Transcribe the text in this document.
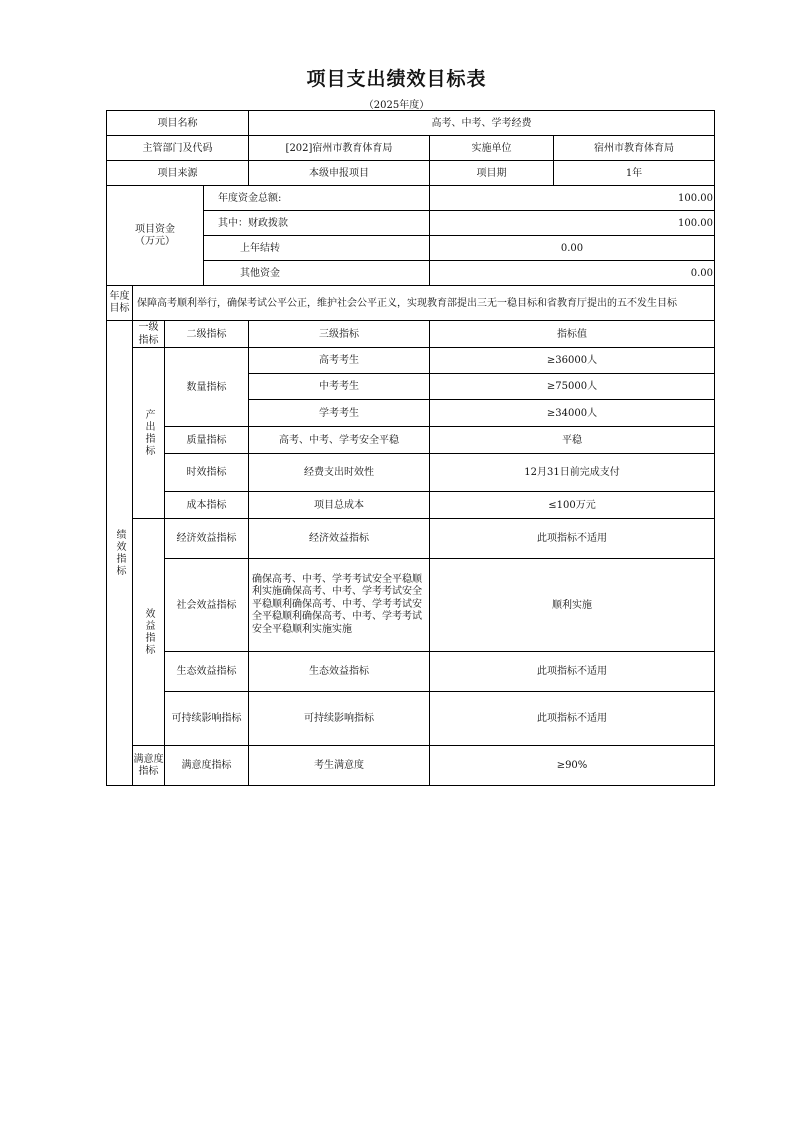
项目支出绩效目标表
（2025年度）
项目名称				高考、中考、学考经费		
主管部门及代码				[202]宿州市教育体育局	实施单位	宿州市教育体育局
项目来源				本级申报项目	项目期	1年

项目资金
（万元）			年度资金总额:		100.00	
			其中：财政拨款		100.00	
			上年结转		0.00	
			其他资金		0.00	

年度
目标	保障高考顺利举行，确保考试公平公正，维护社会公平正义，实现教育部提出三无一稳目标和省教育厅提出的五不发生目标					
绩效指标	一级指标	二级指标		三级指标	指标值	
	产出指标	数量指标		高考考生	≥36000人	
				中考考生	≥75000人	
				学考考生	≥34000人	
		质量指标		高考、中考、学考安全平稳	平稳	
		时效指标		经费支出时效性	12月31日前完成支付	
		成本指标		项目总成本	≤100万元	
	效益指标	经济效益指标		经济效益指标	此项指标不适用	
		社会效益指标		确保高考、中考、学考考试安全平稳顺利实施确保高考、中考、学考考试安全平稳顺利确保高考、中考、学考考试安全平稳顺利确保高考、中考、学考考试安全平稳顺利实施实施	顺利实施	
		生态效益指标		生态效益指标	此项指标不适用	
		可持续影响指标		可持续影响指标	此项指标不适用	
	满意度指标	满意度指标		考生满意度	≥90%	
